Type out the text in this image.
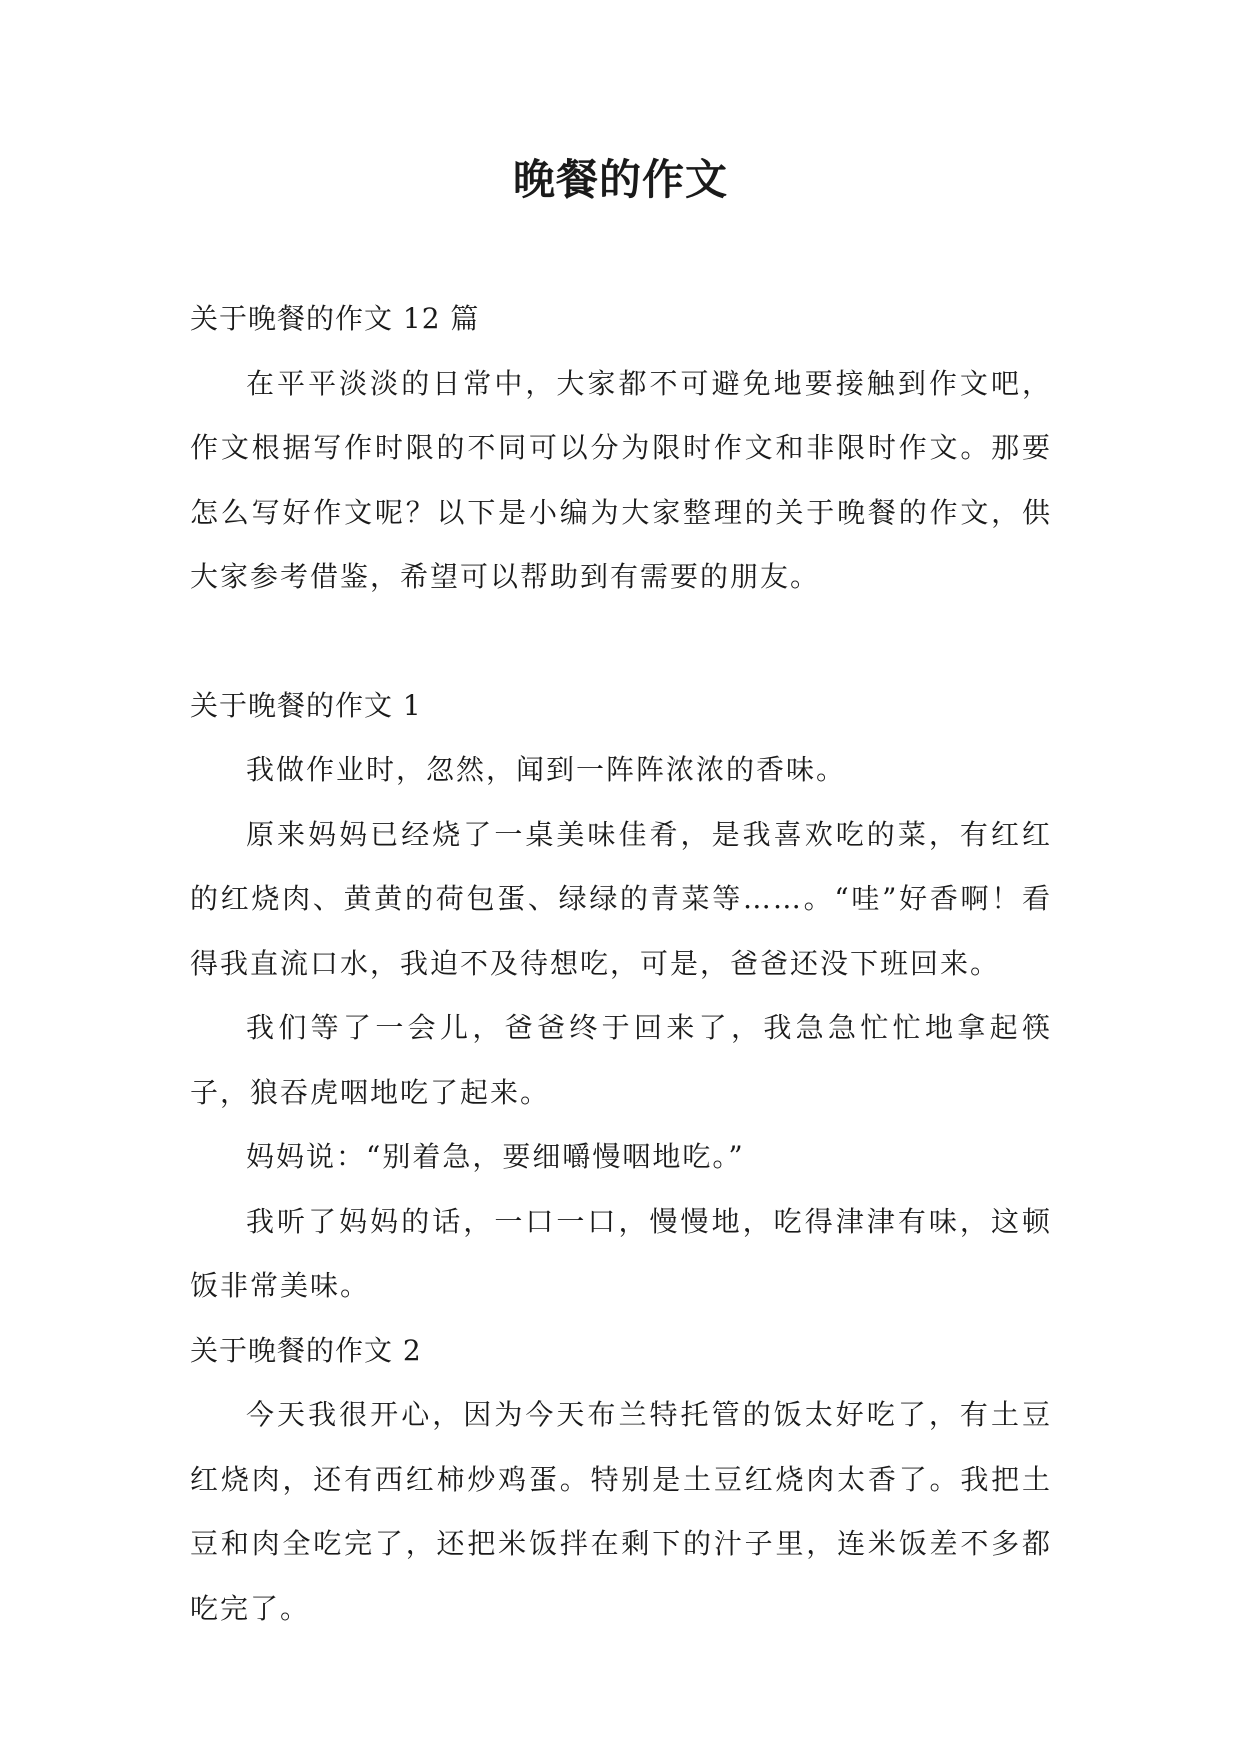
晚餐的作文

关于晚餐的作文 12 篇

在平平淡淡的日常中，大家都不可避免地要接触到作文吧，作文根据写作时限的不同可以分为限时作文和非限时作文。那要怎么写好作文呢？以下是小编为大家整理的关于晚餐的作文，供大家参考借鉴，希望可以帮助到有需要的朋友。

关于晚餐的作文 1

我做作业时，忽然，闻到一阵阵浓浓的香味。

原来妈妈已经烧了一桌美味佳肴，是我喜欢吃的菜，有红红的红烧肉、黄黄的荷包蛋、绿绿的青菜等……。“哇”好香啊！看得我直流口水，我迫不及待想吃，可是，爸爸还没下班回来。

我们等了一会儿，爸爸终于回来了，我急急忙忙地拿起筷子，狼吞虎咽地吃了起来。

妈妈说：“别着急，要细嚼慢咽地吃。”

我听了妈妈的话，一口一口，慢慢地，吃得津津有味，这顿饭非常美味。

关于晚餐的作文 2

今天我很开心，因为今天布兰特托管的饭太好吃了，有土豆红烧肉，还有西红柿炒鸡蛋。特别是土豆红烧肉太香了。我把土豆和肉全吃完了，还把米饭拌在剩下的汁子里，连米饭差不多都吃完了。
